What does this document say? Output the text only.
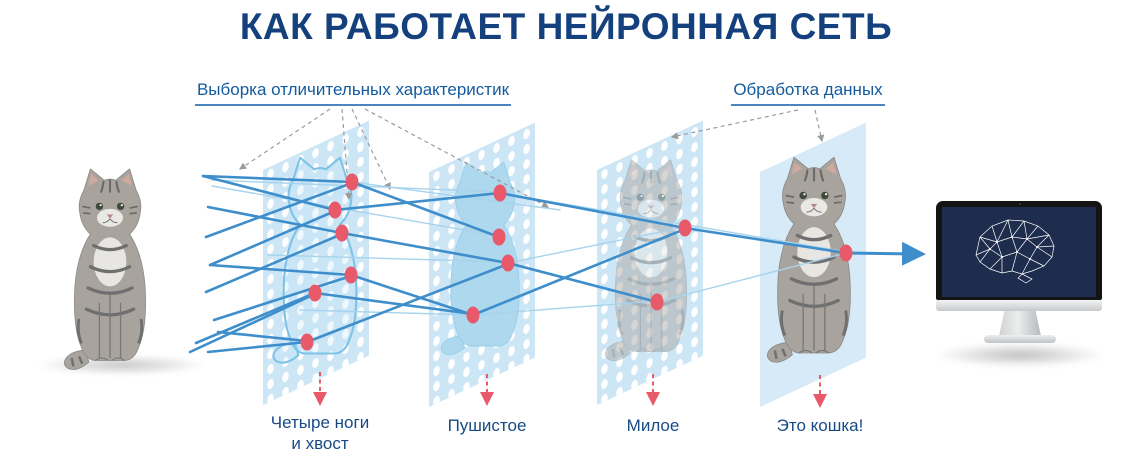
КАК РАБОТАЕТ НЕЙРОННАЯ СЕТЬ
Выборка отличительных характеристик	Обработка данных
Четыре ноги
и хвост
Пушистое	Милое	Это кошка!
